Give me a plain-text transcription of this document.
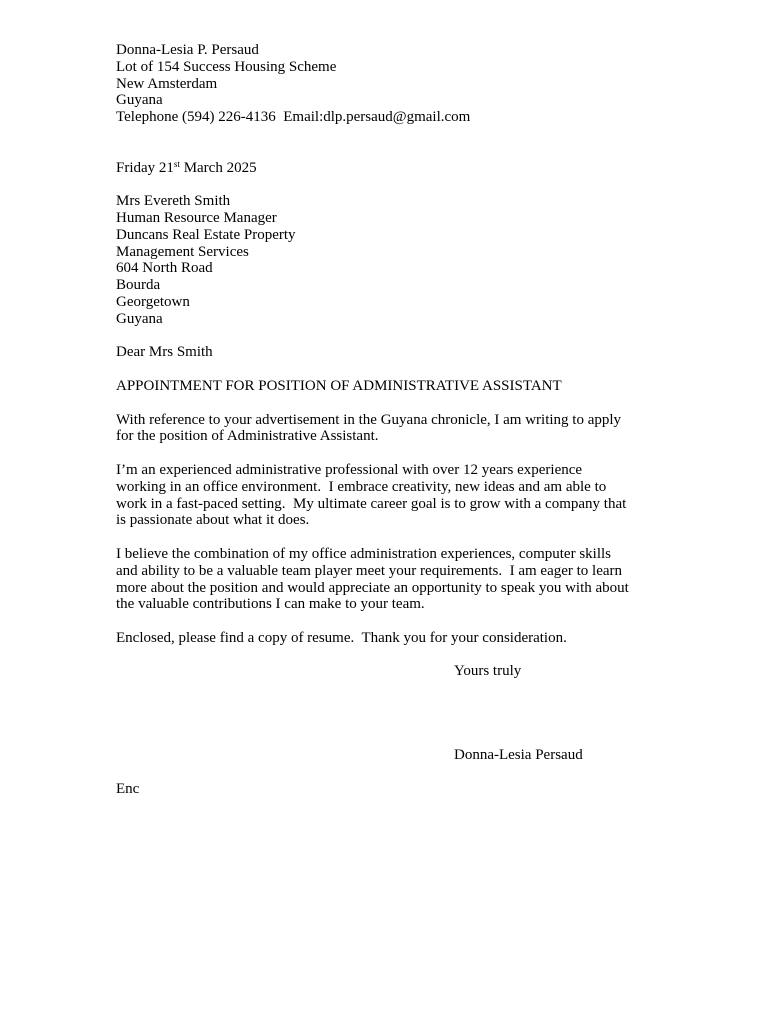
Donna-Lesia P. Persaud
Lot of 154 Success Housing Scheme
New Amsterdam
Guyana
Telephone (594) 226-4136  Email:dlp.persaud@gmail.com
Friday 21st March 2025
Mrs Evereth Smith
Human Resource Manager
Duncans Real Estate Property
Management Services
604 North Road
Bourda
Georgetown
Guyana
Dear Mrs Smith
APPOINTMENT FOR POSITION OF ADMINISTRATIVE ASSISTANT
With reference to your advertisement in the Guyana chronicle, I am writing to apply
for the position of Administrative Assistant.
I’m an experienced administrative professional with over 12 years experience
working in an office environment.  I embrace creativity, new ideas and am able to
work in a fast-paced setting.  My ultimate career goal is to grow with a company that
is passionate about what it does.
I believe the combination of my office administration experiences, computer skills
and ability to be a valuable team player meet your requirements.  I am eager to learn
more about the position and would appreciate an opportunity to speak you with about
the valuable contributions I can make to your team.
Enclosed, please find a copy of resume.  Thank you for your consideration.
Yours truly
Donna-Lesia Persaud
Enc
